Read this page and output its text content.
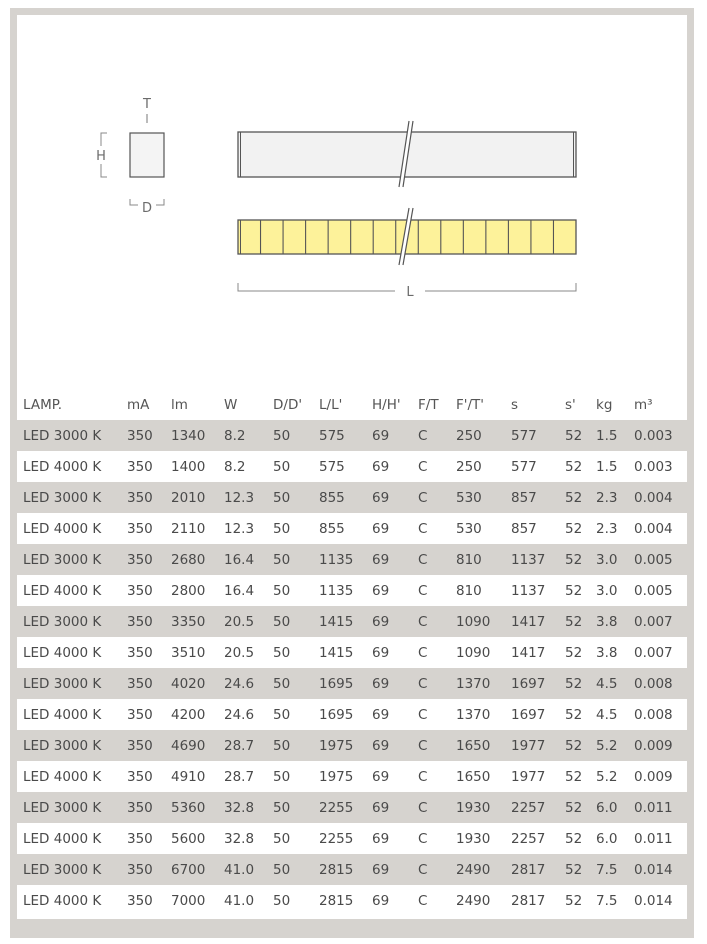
T
H
D
L
LAMP.	mA	lm	W	D/D'	L/L'	H/H'	F/T	F'/T'	s	s'	kg	m³
LED 3000 K	350	1340	8.2	50	575	69	C	250	577	52	1.5	0.003
LED 4000 K	350	1400	8.2	50	575	69	C	250	577	52	1.5	0.003
LED 3000 K	350	2010	12.3	50	855	69	C	530	857	52	2.3	0.004
LED 4000 K	350	2110	12.3	50	855	69	C	530	857	52	2.3	0.004
LED 3000 K	350	2680	16.4	50	1135	69	C	810	1137	52	3.0	0.005
LED 4000 K	350	2800	16.4	50	1135	69	C	810	1137	52	3.0	0.005
LED 3000 K	350	3350	20.5	50	1415	69	C	1090	1417	52	3.8	0.007
LED 4000 K	350	3510	20.5	50	1415	69	C	1090	1417	52	3.8	0.007
LED 3000 K	350	4020	24.6	50	1695	69	C	1370	1697	52	4.5	0.008
LED 4000 K	350	4200	24.6	50	1695	69	C	1370	1697	52	4.5	0.008
LED 3000 K	350	4690	28.7	50	1975	69	C	1650	1977	52	5.2	0.009
LED 4000 K	350	4910	28.7	50	1975	69	C	1650	1977	52	5.2	0.009
LED 3000 K	350	5360	32.8	50	2255	69	C	1930	2257	52	6.0	0.011
LED 4000 K	350	5600	32.8	50	2255	69	C	1930	2257	52	6.0	0.011
LED 3000 K	350	6700	41.0	50	2815	69	C	2490	2817	52	7.5	0.014
LED 4000 K	350	7000	41.0	50	2815	69	C	2490	2817	52	7.5	0.014
